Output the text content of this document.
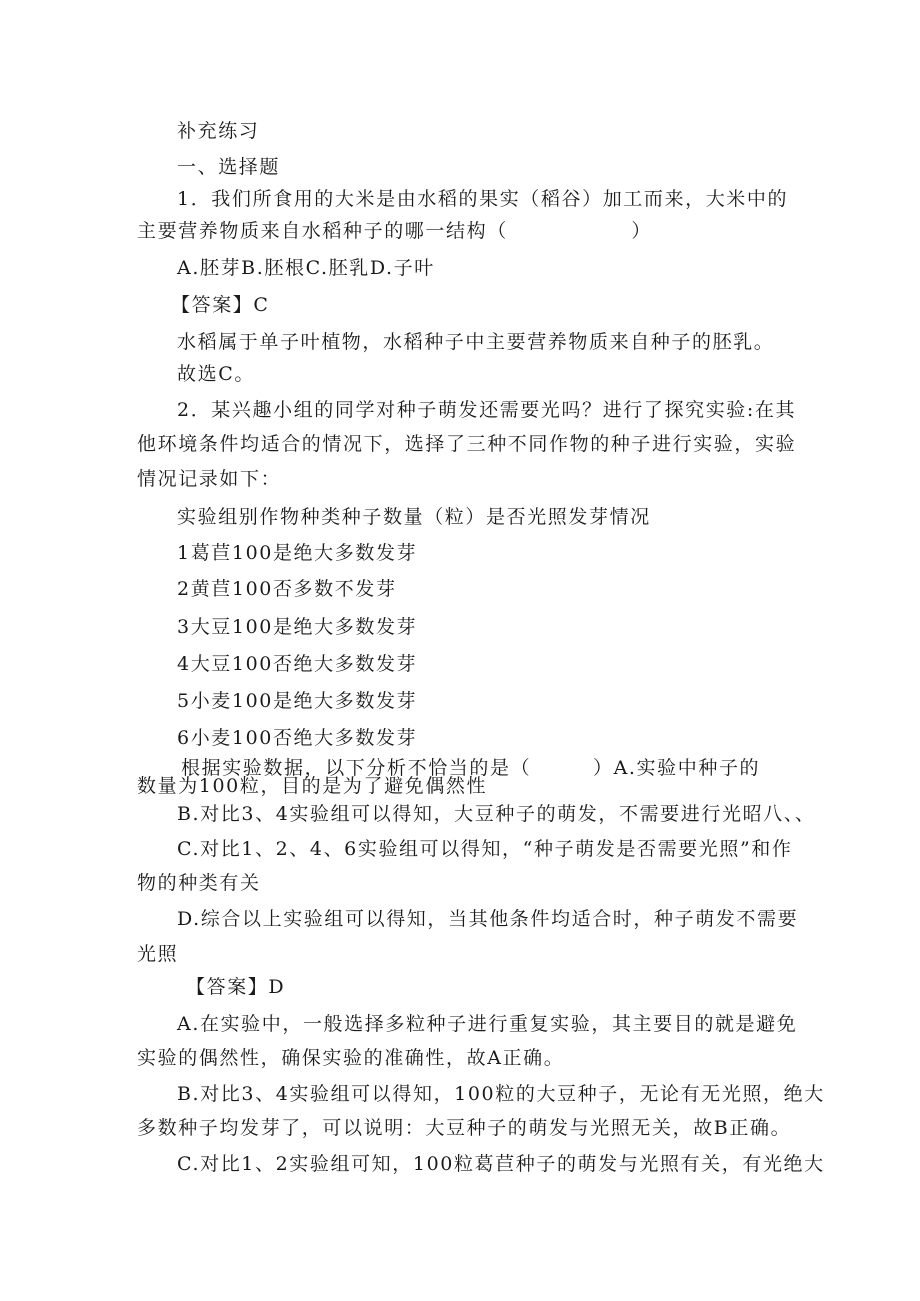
补充练习
一、选择题
1．我们所食用的大米是由水稻的果实（稻谷）加工而来，大米中的
主要营养物质来自水稻种子的哪一结构（　　　　　　）
A.胚芽B.胚根C.胚乳D.子叶
【答案】C
水稻属于单子叶植物，水稻种子中主要营养物质来自种子的胚乳。
故选C。
2．某兴趣小组的同学对种子萌发还需要光吗？进行了探究实验:在其
他环境条件均适合的情况下，选择了三种不同作物的种子进行实验，实验
情况记录如下：
实验组别作物种类种子数量（粒）是否光照发芽情况
1葛苣100是绝大多数发芽
2黄苣100否多数不发芽
3大豆100是绝大多数发芽
4大豆100否绝大多数发芽
5小麦100是绝大多数发芽
6小麦100否绝大多数发芽
根据实验数据，以下分析不恰当的是（　　　）A.实验中种子的
数量为100粒，目的是为了避免偶然性
B.对比3、4实验组可以得知，大豆种子的萌发，不需要进行光昭八、、
C.对比1、2、4、6实验组可以得知，“种子萌发是否需要光照”和作
物的种类有关
D.综合以上实验组可以得知，当其他条件均适合时，种子萌发不需要
光照
【答案】D
A.在实验中，一般选择多粒种子进行重复实验，其主要目的就是避免
实验的偶然性，确保实验的准确性，故A正确。
B.对比3、4实验组可以得知，100粒的大豆种子，无论有无光照，绝大
多数种子均发芽了，可以说明：大豆种子的萌发与光照无关，故B正确。
C.对比1、2实验组可知，100粒葛苣种子的萌发与光照有关，有光绝大
